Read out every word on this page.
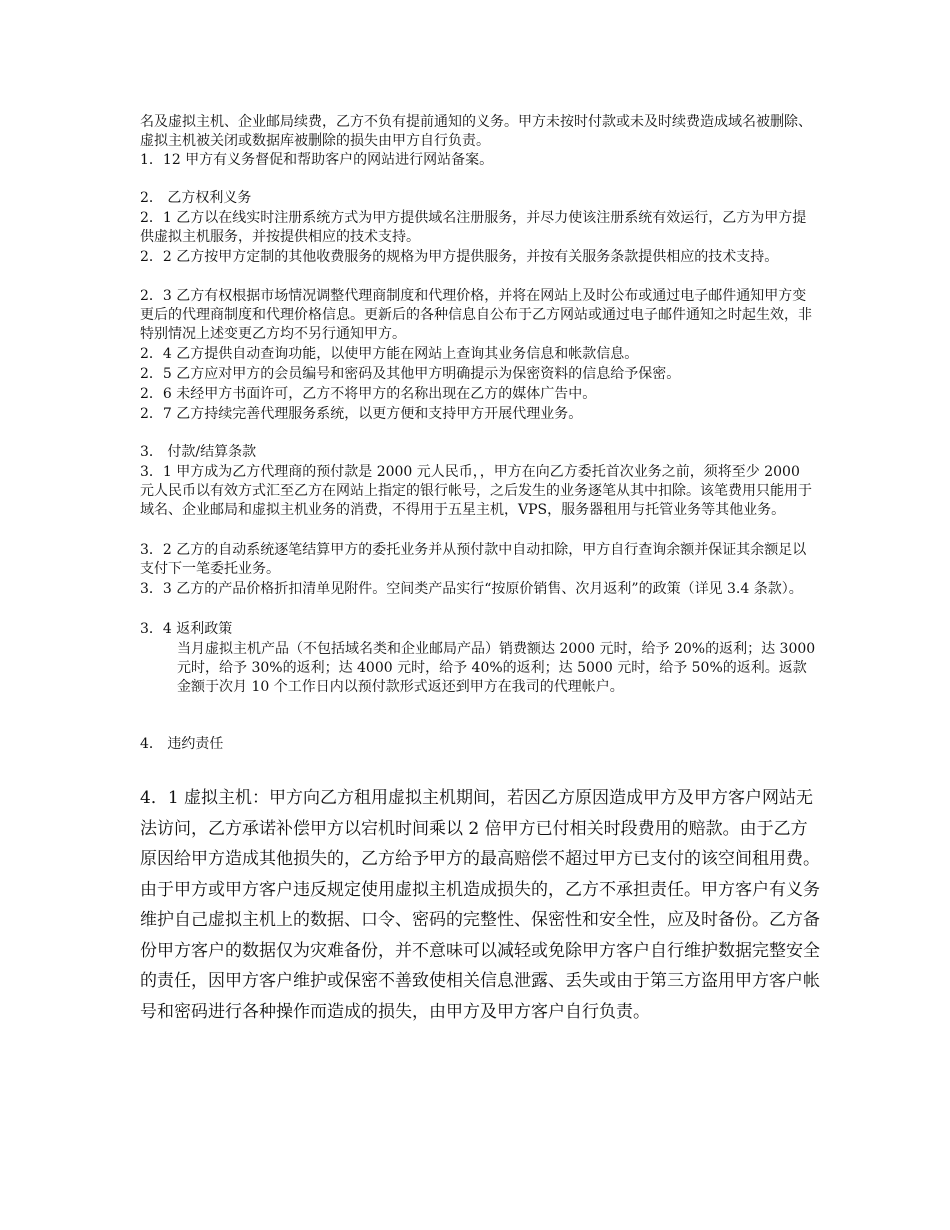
名及虚拟主机、企业邮局续费，乙方不负有提前通知的义务。甲方未按时付款或未及时续费造成域名被删除、虚拟主机被关闭或数据库被删除的损失由甲方自行负责。

1．12 甲方有义务督促和帮助客户的网站进行网站备案。

2． 乙方权利义务

2．1 乙方以在线实时注册系统方式为甲方提供域名注册服务，并尽力使该注册系统有效运行，乙方为甲方提供虚拟主机服务，并按提供相应的技术支持。

2．2 乙方按甲方定制的其他收费服务的规格为甲方提供服务，并按有关服务条款提供相应的技术支持。

2．3 乙方有权根据市场情况调整代理商制度和代理价格，并将在网站上及时公布或通过电子邮件通知甲方变更后的代理商制度和代理价格信息。更新后的各种信息自公布于乙方网站或通过电子邮件通知之时起生效，非特别情况上述变更乙方均不另行通知甲方。

2．4 乙方提供自动查询功能，以使甲方能在网站上查询其业务信息和帐款信息。

2．5 乙方应对甲方的会员编号和密码及其他甲方明确提示为保密资料的信息给予保密。

2．6 未经甲方书面许可，乙方不将甲方的名称出现在乙方的媒体广告中。

2．7 乙方持续完善代理服务系统，以更方便和支持甲方开展代理业务。

3． 付款/结算条款

3．1 甲方成为乙方代理商的预付款是 2000 元人民币，，甲方在向乙方委托首次业务之前，须将至少 2000 元人民币以有效方式汇至乙方在网站上指定的银行帐号，之后发生的业务逐笔从其中扣除。该笔费用只能用于域名、企业邮局和虚拟主机业务的消费，不得用于五星主机，VPS，服务器租用与托管业务等其他业务。

3．2 乙方的自动系统逐笔结算甲方的委托业务并从预付款中自动扣除，甲方自行查询余额并保证其余额足以支付下一笔委托业务。

3．3 乙方的产品价格折扣清单见附件。空间类产品实行“按原价销售、次月返利”的政策（详见 3.4 条款）。

3．4 返利政策

当月虚拟主机产品（不包括域名类和企业邮局产品）销费额达 2000 元时，给予 20%的返利；达 3000 元时，给予 30%的返利；达 4000 元时，给予 40%的返利；达 5000 元时，给予 50%的返利。返款金额于次月 10 个工作日内以预付款形式返还到甲方在我司的代理帐户。

4． 违约责任

4．1 虚拟主机：甲方向乙方租用虚拟主机期间，若因乙方原因造成甲方及甲方客户网站无法访问，乙方承诺补偿甲方以宕机时间乘以 2 倍甲方已付相关时段费用的赔款。由于乙方原因给甲方造成其他损失的，乙方给予甲方的最高赔偿不超过甲方已支付的该空间租用费。由于甲方或甲方客户违反规定使用虚拟主机造成损失的，乙方不承担责任。甲方客户有义务维护自己虚拟主机上的数据、口令、密码的完整性、保密性和安全性，应及时备份。乙方备份甲方客户的数据仅为灾难备份，并不意味可以减轻或免除甲方客户自行维护数据完整安全的责任，因甲方客户维护或保密不善致使相关信息泄露、丢失或由于第三方盗用甲方客户帐号和密码进行各种操作而造成的损失，由甲方及甲方客户自行负责。
